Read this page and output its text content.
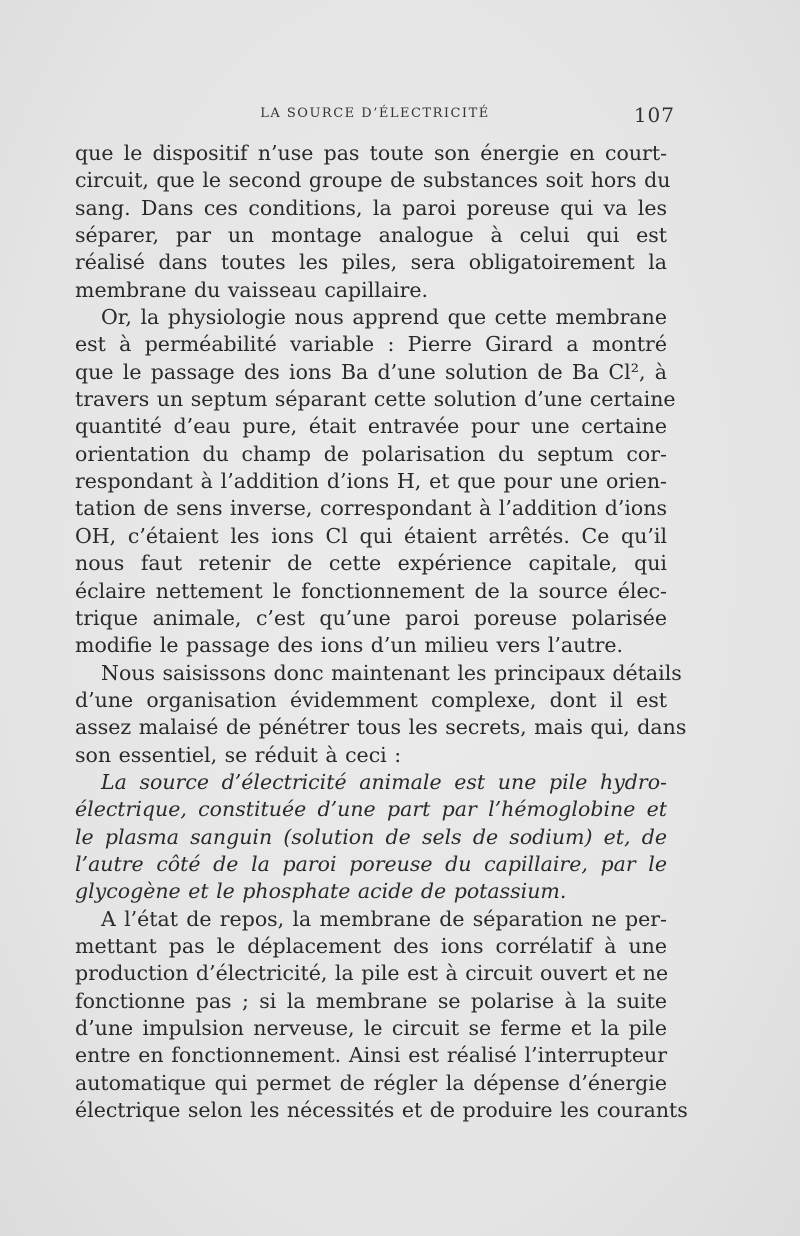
LA SOURCE D’ÉLECTRICITÉ	107
que le dispositif n’use pas toute son énergie en court-
circuit, que le second groupe de substances soit hors du
sang. Dans ces conditions, la paroi poreuse qui va les
séparer, par un montage analogue à celui qui est
réalisé dans toutes les piles, sera obligatoirement la
membrane du vaisseau capillaire.
Or, la physiologie nous apprend que cette membrane
est à perméabilité variable : Pierre Girard a montré
que le passage des ions Ba d’une solution de Ba Cl², à
travers un septum séparant cette solution d’une certaine
quantité d’eau pure, était entravée pour une certaine
orientation du champ de polarisation du septum cor-
respondant à l’addition d’ions H, et que pour une orien-
tation de sens inverse, correspondant à l’addition d’ions
OH, c’étaient les ions Cl qui étaient arrêtés. Ce qu’il
nous faut retenir de cette expérience capitale, qui
éclaire nettement le fonctionnement de la source élec-
trique animale, c’est qu’une paroi poreuse polarisée
modifie le passage des ions d’un milieu vers l’autre.
Nous saisissons donc maintenant les principaux détails
d’une organisation évidemment complexe, dont il est
assez malaisé de pénétrer tous les secrets, mais qui, dans
son essentiel, se réduit à ceci :
La source d’électricité animale est une pile hydro-
électrique, constituée d’une part par l’hémoglobine et
le plasma sanguin (solution de sels de sodium) et, de
l’autre côté de la paroi poreuse du capillaire, par le
glycogène et le phosphate acide de potassium.
A l’état de repos, la membrane de séparation ne per-
mettant pas le déplacement des ions corrélatif à une
production d’électricité, la pile est à circuit ouvert et ne
fonctionne pas ; si la membrane se polarise à la suite
d’une impulsion nerveuse, le circuit se ferme et la pile
entre en fonctionnement. Ainsi est réalisé l’interrupteur
automatique qui permet de régler la dépense d’énergie
électrique selon les nécessités et de produire les courants
